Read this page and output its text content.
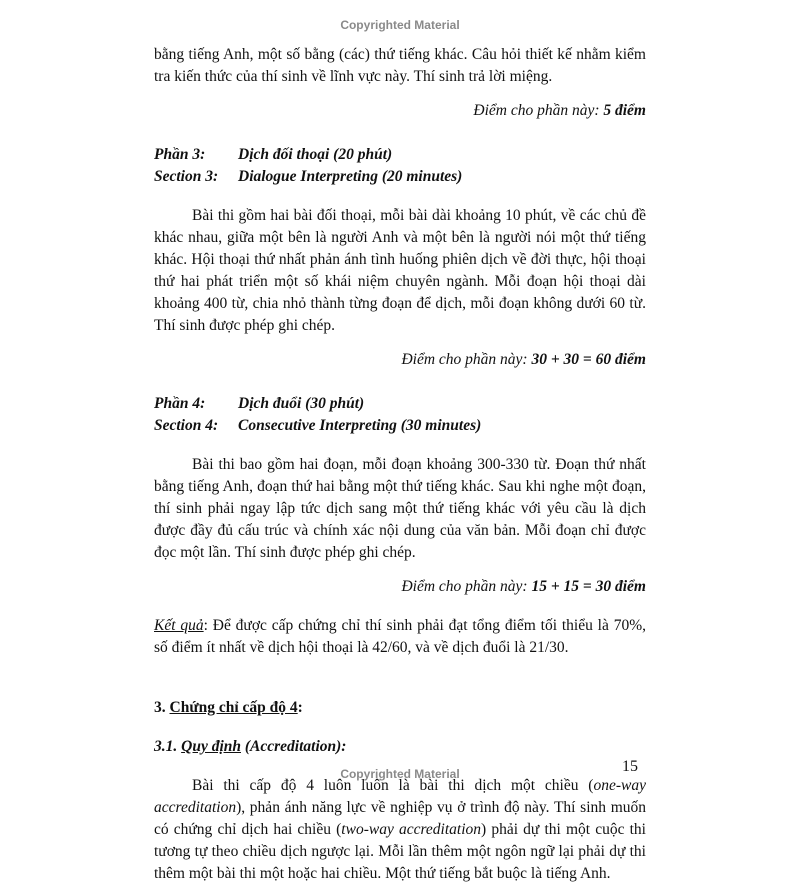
Copyrighted Material

bằng tiếng Anh, một số bằng (các) thứ tiếng khác. Câu hỏi thiết kế nhằm kiểm tra kiến thức của thí sinh về lĩnh vực này. Thí sinh trả lời miệng.

Điểm cho phần này: 5 điểm

Phần 3:	Dịch đối thoại (20 phút)
Section 3:	Dialogue Interpreting (20 minutes)

Bài thi gồm hai bài đối thoại, mỗi bài dài khoảng 10 phút, về các chủ đề khác nhau, giữa một bên là người Anh và một bên là người nói một thứ tiếng khác. Hội thoại thứ nhất phản ánh tình huống phiên dịch về đời thực, hội thoại thứ hai phát triển một số khái niệm chuyên ngành. Mỗi đoạn hội thoại dài khoảng 400 từ, chia nhỏ thành từng đoạn để dịch, mỗi đoạn không dưới 60 từ. Thí sinh được phép ghi chép.

Điểm cho phần này: 30 + 30 = 60 điểm

Phần 4:	Dịch đuổi (30 phút)
Section 4:	Consecutive Interpreting (30 minutes)

Bài thi bao gồm hai đoạn, mỗi đoạn khoảng 300-330 từ. Đoạn thứ nhất bằng tiếng Anh, đoạn thứ hai bằng một thứ tiếng khác. Sau khi nghe một đoạn, thí sinh phải ngay lập tức dịch sang một thứ tiếng khác với yêu cầu là dịch được đầy đủ cấu trúc và chính xác nội dung của văn bản. Mỗi đoạn chỉ được đọc một lần. Thí sinh được phép ghi chép.

Điểm cho phần này: 15 + 15 = 30 điểm

Kết quả: Để được cấp chứng chỉ thí sinh phải đạt tổng điểm tối thiểu là 70%, số điểm ít nhất về dịch hội thoại là 42/60, và về dịch đuổi là 21/30.

3. Chứng chỉ cấp độ 4:

3.1. Quy định (Accreditation):

Bài thi cấp độ 4 luôn luôn là bài thi dịch một chiều (one-way accreditation), phản ánh năng lực về nghiệp vụ ở trình độ này. Thí sinh muốn có chứng chỉ dịch hai chiều (two-way accreditation) phải dự thi một cuộc thi tương tự theo chiều dịch ngược lại. Mỗi lần thêm một ngôn ngữ lại phải dự thi thêm một bài thi một hoặc hai chiều. Một thứ tiếng bắt buộc là tiếng Anh.

15
Copyrighted Material
